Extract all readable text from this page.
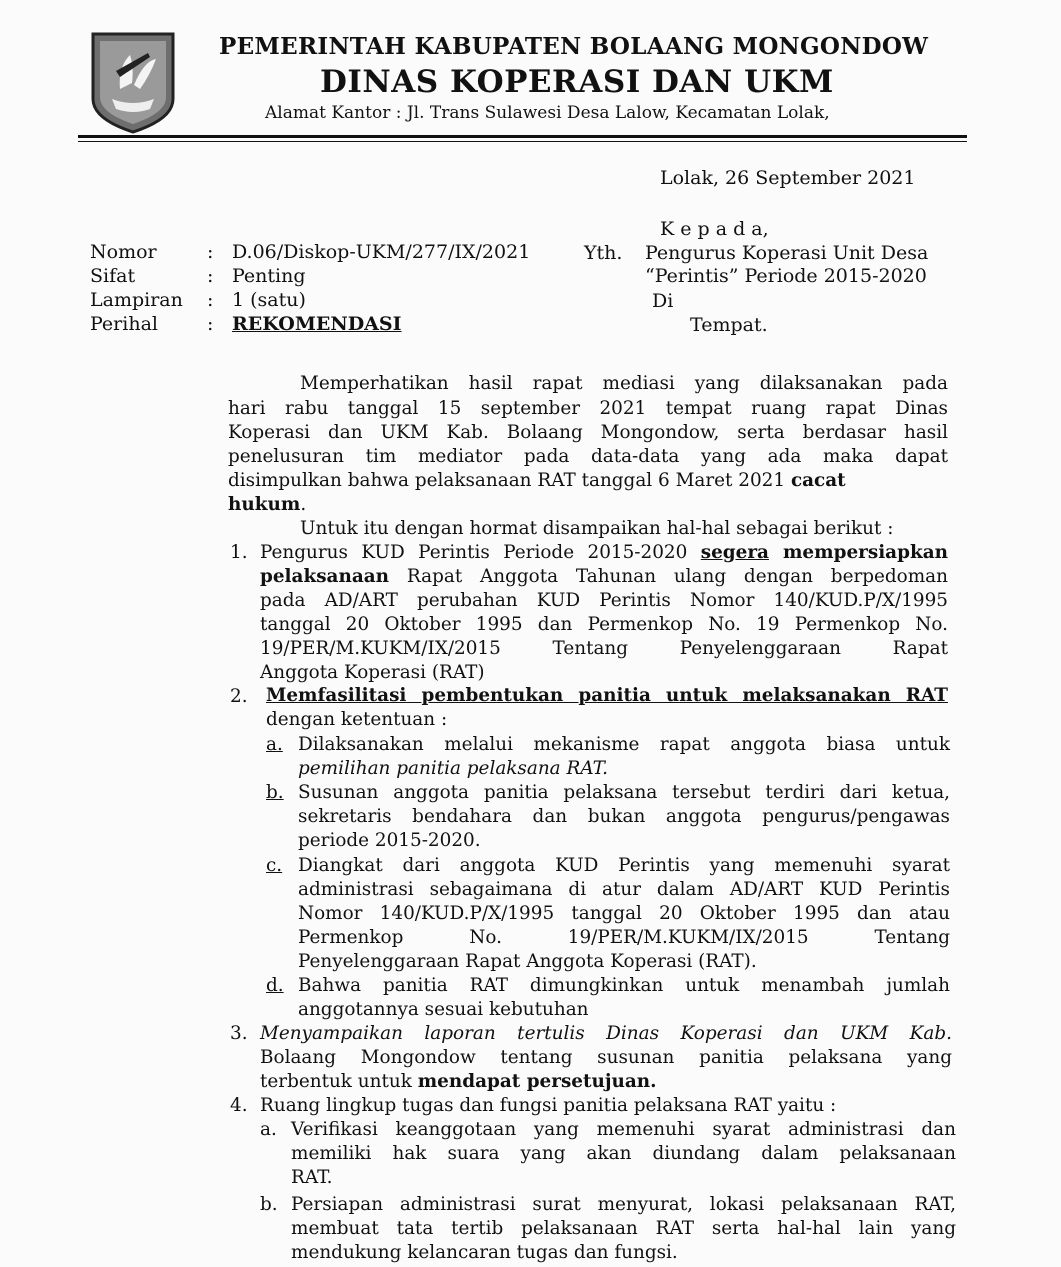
PEMERINTAH KABUPATEN BOLAANG MONGONDOW
DINAS KOPERASI DAN UKM
Alamat Kantor : Jl. Trans Sulawesi Desa Lalow, Kecamatan Lolak,
Lolak, 26 September 2021
K e p a d a,
Yth. Pengurus Koperasi Unit Desa
“Perintis” Periode 2015-2020
Di
Tempat.
Nomor	: D.06/Diskop-UKM/277/IX/2021
Sifat	: Penting
Lampiran : 1 (satu)
Perihal	: REKOMENDASI
Memperhatikan hasil rapat mediasi yang dilaksanakan pada
hari rabu tanggal 15 september 2021 tempat ruang rapat Dinas
Koperasi dan UKM Kab. Bolaang Mongondow, serta berdasar hasil
penelusuran tim mediator pada data-data yang ada maka dapat
disimpulkan bahwa pelaksanaan RAT tanggal 6 Maret 2021 cacat
hukum.
Untuk itu dengan hormat disampaikan hal-hal sebagai berikut :
1. Pengurus KUD Perintis Periode 2015-2020 segera mempersiapkan
pelaksanaan Rapat Anggota Tahunan ulang dengan berpedoman
pada AD/ART perubahan KUD Perintis Nomor 140/KUD.P/X/1995
tanggal 20 Oktober 1995 dan Permenkop No. 19 Permenkop No.
19/PER/M.KUKM/IX/2015 Tentang Penyelenggaraan Rapat
Anggota Koperasi (RAT)
2. Memfasilitasi pembentukan panitia untuk melaksanakan RAT
dengan ketentuan :
a. Dilaksanakan melalui mekanisme rapat anggota biasa untuk
pemilihan panitia pelaksana RAT.
b. Susunan anggota panitia pelaksana tersebut terdiri dari ketua,
sekretaris bendahara dan bukan anggota pengurus/pengawas
periode 2015-2020.
c. Diangkat dari anggota KUD Perintis yang memenuhi syarat
administrasi sebagaimana di atur dalam AD/ART KUD Perintis
Nomor 140/KUD.P/X/1995 tanggal 20 Oktober 1995 dan atau
Permenkop No. 19/PER/M.KUKM/IX/2015 Tentang
Penyelenggaraan Rapat Anggota Koperasi (RAT).
d. Bahwa panitia RAT dimungkinkan untuk menambah jumlah
anggotannya sesuai kebutuhan
3. Menyampaikan laporan tertulis Dinas Koperasi dan UKM Kab.
Bolaang Mongondow tentang susunan panitia pelaksana yang
terbentuk untuk mendapat persetujuan.
4. Ruang lingkup tugas dan fungsi panitia pelaksana RAT yaitu :
a. Verifikasi keanggotaan yang memenuhi syarat administrasi dan
memiliki hak suara yang akan diundang dalam pelaksanaan
RAT.
b. Persiapan administrasi surat menyurat, lokasi pelaksanaan RAT,
membuat tata tertib pelaksanaan RAT serta hal-hal lain yang
mendukung kelancaran tugas dan fungsi.
